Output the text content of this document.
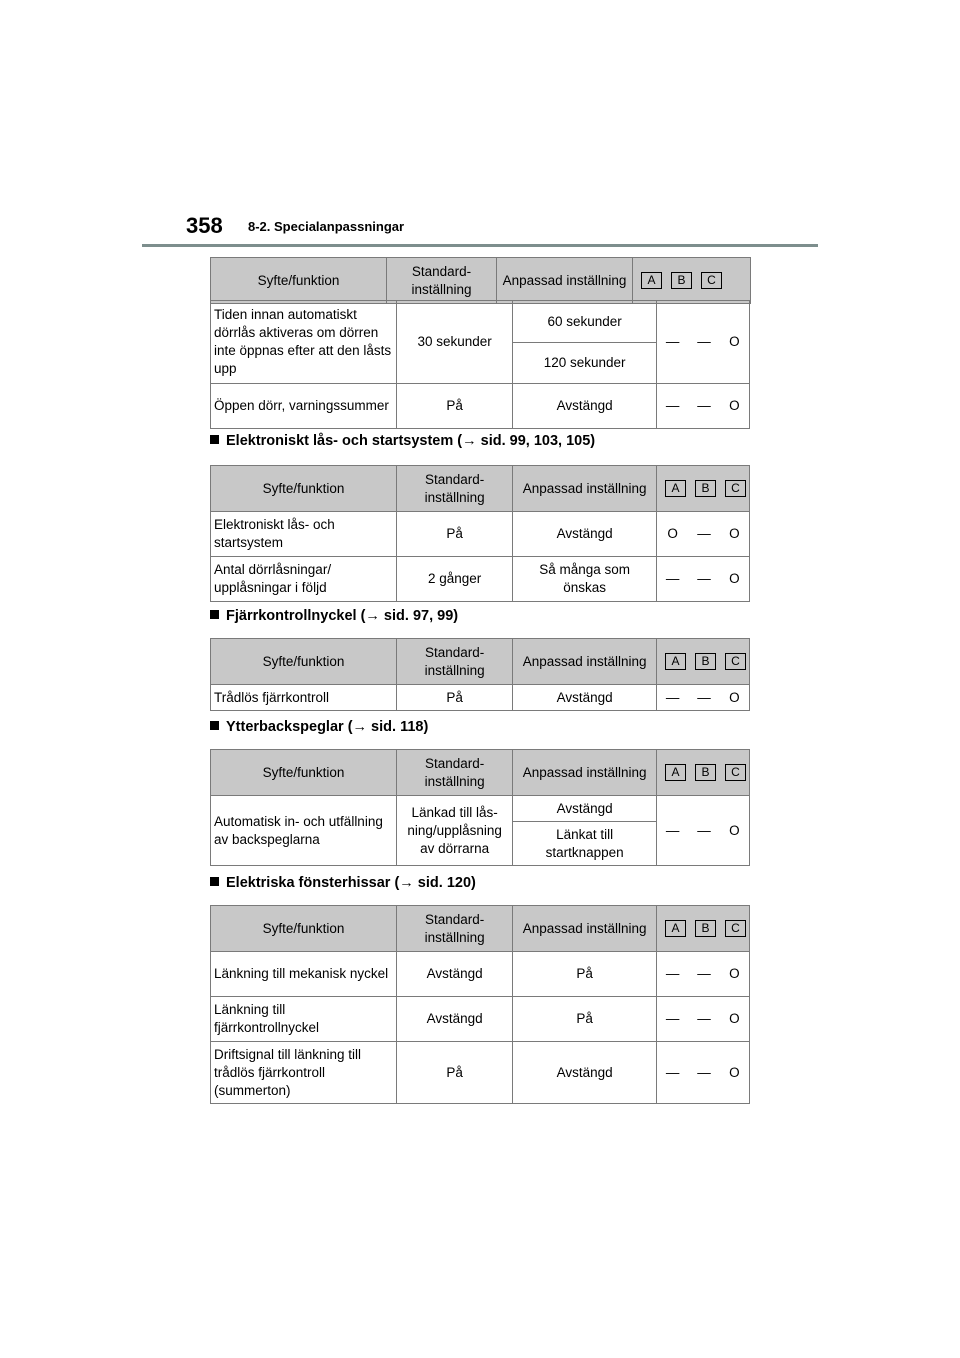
358 8-2. Specialanpassningar
Syfte/funktion	Standard-
inställning	Anpassad inställning	A B C
Tiden innan automatiskt dörrlås aktiveras om dörren inte öppnas efter att den låsts upp	30 sekunder	60 sekunder	—	—	O
		120 sekunder			
Öppen dörr, varningssummer	På	Avstängd	—	—	O
Elektroniskt lås- och startsystem (→ sid. 99, 103, 105)
Syfte/funktion	Standard-
inställning	Anpassad inställning	A B C		
Elektroniskt lås- och startsystem	På	Avstängd	O	—	O
Antal dörrlåsningar/ upplåsningar i följd	2 gånger	Så många som önskas	—	—	O
Fjärrkontrollnyckel (→ sid. 97, 99)
Syfte/funktion	Standard-
inställning	Anpassad inställning	A B C		
Trådlös fjärrkontroll	På	Avstängd	—	—	O
Ytterbackspeglar (→ sid. 118)
Syfte/funktion	Standard-
inställning	Anpassad inställning	A B C		
Automatisk in- och utfällning av backspeglarna	Länkad till lås-ning/upplåsning av dörrarna	Avstängd	—	—	O
		Länkat till startknappen			
Elektriska fönsterhissar (→ sid. 120)
Syfte/funktion	Standard-
inställning	Anpassad inställning	A B C		
Länkning till mekanisk nyckel	Avstängd	På	—	—	O
Länkning till fjärrkontrollnyckel	Avstängd	På	—	—	O
Driftsignal till länkning till trådlös fjärrkontroll (summerton)	På	Avstängd	—	—	O
